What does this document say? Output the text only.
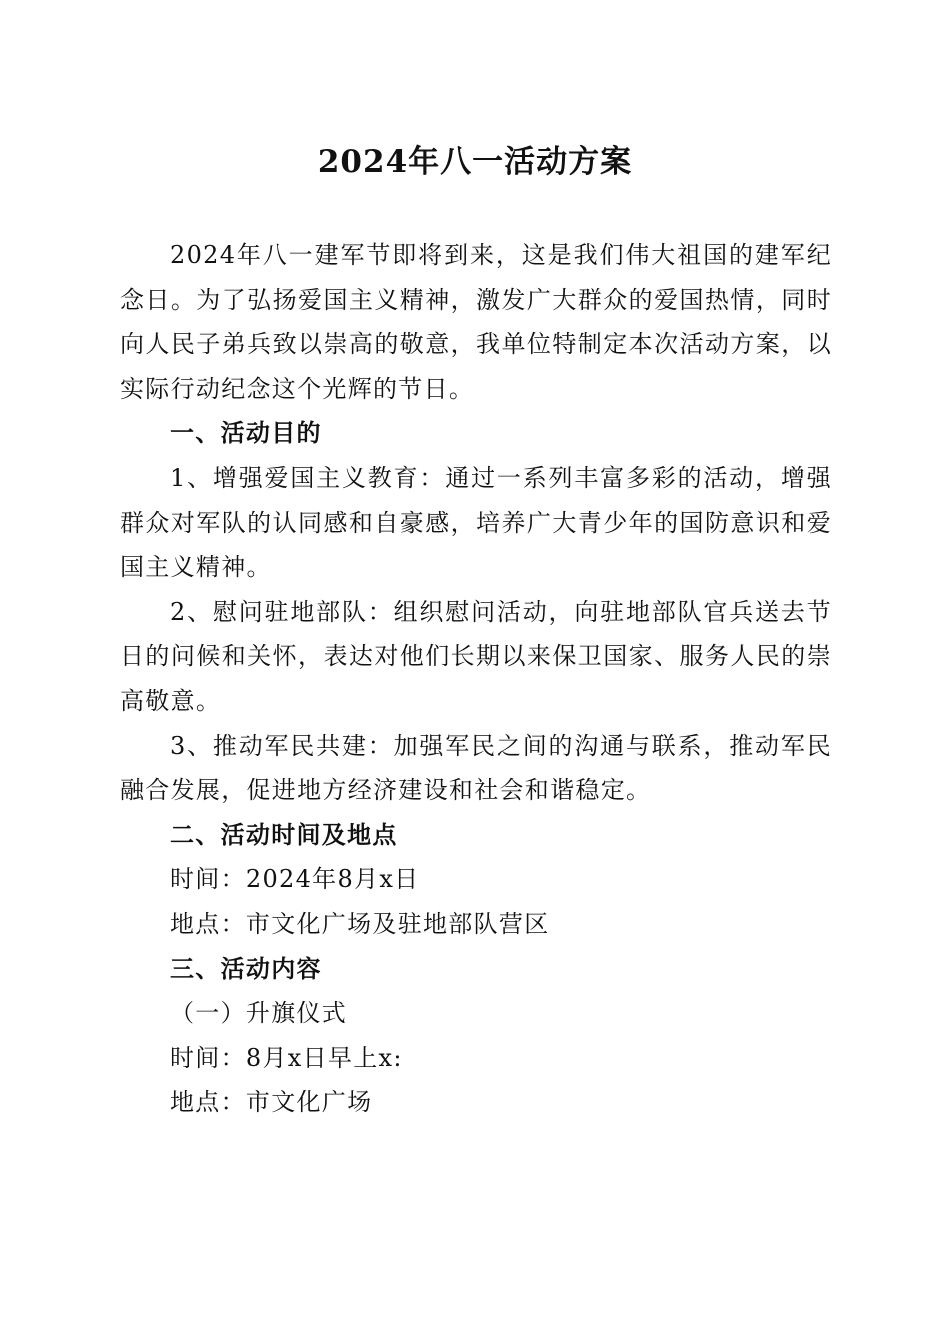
2024年八一活动方案

2024年八一建军节即将到来，这是我们伟大祖国的建军纪念日。为了弘扬爱国主义精神，激发广大群众的爱国热情，同时向人民子弟兵致以崇高的敬意，我单位特制定本次活动方案，以实际行动纪念这个光辉的节日。

一、活动目的

1、增强爱国主义教育：通过一系列丰富多彩的活动，增强群众对军队的认同感和自豪感，培养广大青少年的国防意识和爱国主义精神。

2、慰问驻地部队：组织慰问活动，向驻地部队官兵送去节日的问候和关怀，表达对他们长期以来保卫国家、服务人民的崇高敬意。

3、推动军民共建：加强军民之间的沟通与联系，推动军民融合发展，促进地方经济建设和社会和谐稳定。

二、活动时间及地点

时间：2024年8月x日

地点：市文化广场及驻地部队营区

三、活动内容

（一）升旗仪式

时间：8月x日早上x:

地点：市文化广场
